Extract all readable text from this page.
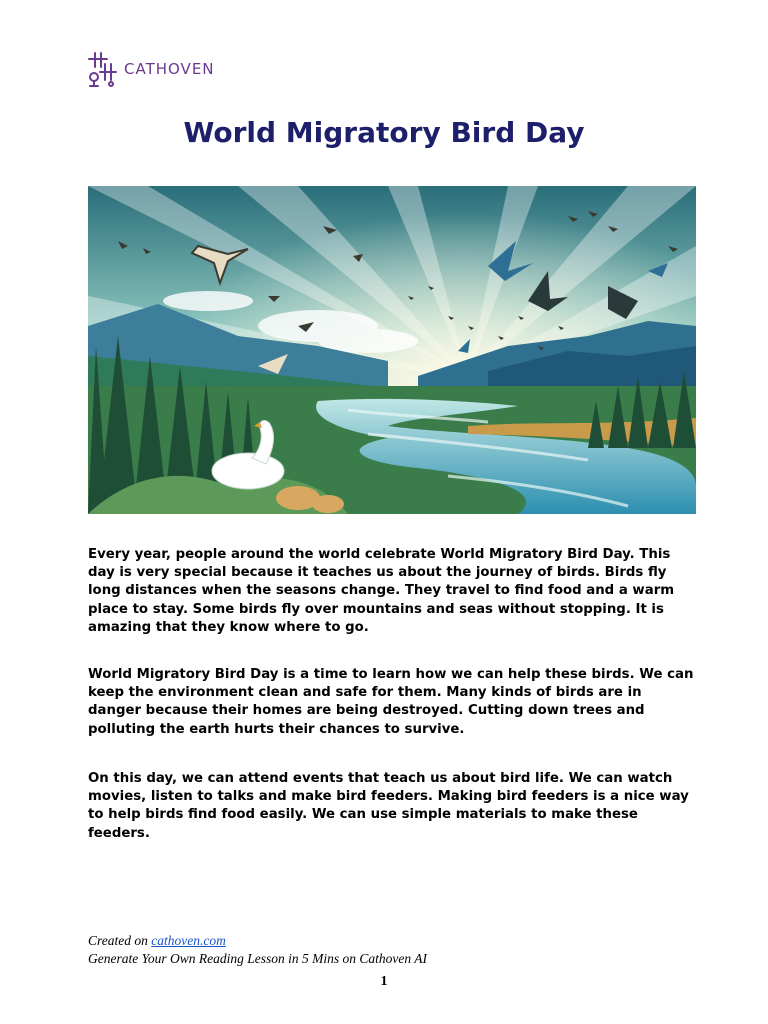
CATHOVEN
World Migratory Bird Day

Every year, people around the world celebrate World Migratory Bird Day. This day is very special because it teaches us about the journey of birds. Birds fly long distances when the seasons change. They travel to find food and a warm place to stay. Some birds fly over mountains and seas without stopping. It is amazing that they know where to go.

World Migratory Bird Day is a time to learn how we can help these birds. We can keep the environment clean and safe for them. Many kinds of birds are in danger because their homes are being destroyed. Cutting down trees and polluting the earth hurts their chances to survive.

On this day, we can attend events that teach us about bird life. We can watch movies, listen to talks and make bird feeders. Making bird feeders is a nice way to help birds find food easily. We can use simple materials to make these feeders.

Created on cathoven.com
Generate Your Own Reading Lesson in 5 Mins on Cathoven AI
1
